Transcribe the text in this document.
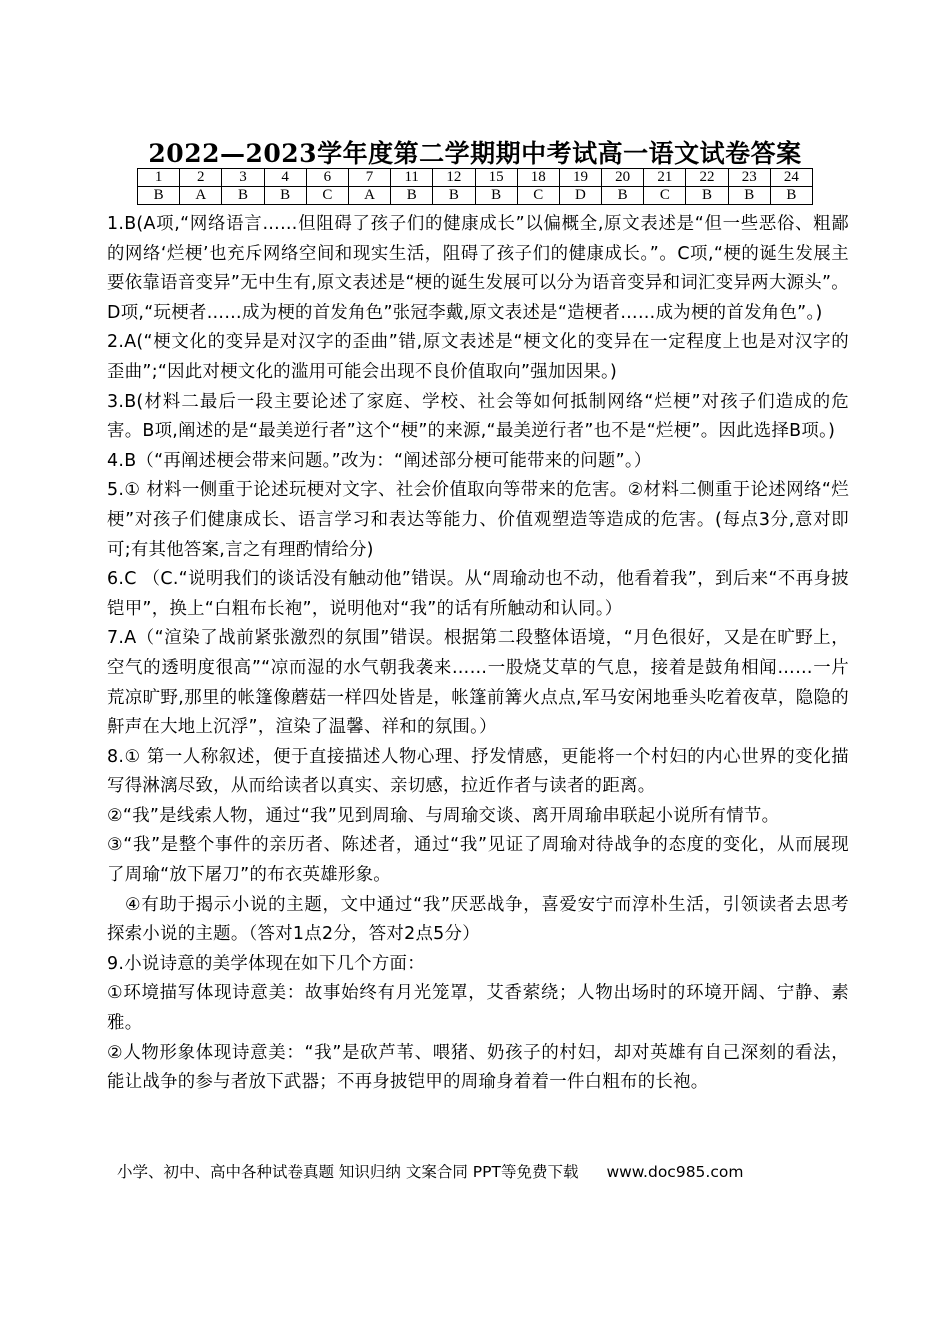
2022—2023学年度第二学期期中考试高一语文试卷答案
1	2	3	4	6	7	11	12	15	18	19	20	21	22	23	24
B	A	B	B	C	A	B	B	B	C	D	B	C	B	B	B

1.B(A项,“网络语言……但阻碍了孩子们的健康成长”以偏概全,原文表述是“但一些恶俗、粗鄙的网络‘烂梗’也充斥网络空间和现实生活，阻碍了孩子们的健康成长。”。C项,“梗的诞生发展主要依靠语音变异”无中生有,原文表述是“梗的诞生发展可以分为语音变异和词汇变异两大源头”。D项,“玩梗者……成为梗的首发角色”张冠李戴,原文表述是“造梗者……成为梗的首发角色”。)

2.A(“梗文化的变异是对汉字的歪曲”错,原文表述是“梗文化的变异在一定程度上也是对汉字的歪曲”;“因此对梗文化的滥用可能会出现不良价值取向”强加因果。)

3.B(材料二最后一段主要论述了家庭、学校、社会等如何抵制网络“烂梗”对孩子们造成的危害。B项,阐述的是“最美逆行者”这个“梗”的来源,“最美逆行者”也不是“烂梗”。因此选择B项。)

4.B（“再阐述梗会带来问题。”改为：“阐述部分梗可能带来的问题”。）

5.① 材料一侧重于论述玩梗对文字、社会价值取向等带来的危害。②材料二侧重于论述网络“烂梗”对孩子们健康成长、语言学习和表达等能力、价值观塑造等造成的危害。(每点3分,意对即可;有其他答案,言之有理酌情给分)

6.C （C.“说明我们的谈话没有触动他”错误。从“周瑜动也不动，他看着我”，到后来“不再身披铠甲”，换上“白粗布长袍”，说明他对“我”的话有所触动和认同。）

7.A（“渲染了战前紧张激烈的氛围”错误。根据第二段整体语境，“月色很好，又是在旷野上，空气的透明度很高”“凉而湿的水气朝我袭来……一股烧艾草的气息，接着是鼓角相闻……一片荒凉旷野,那里的帐篷像蘑菇一样四处皆是，帐篷前篝火点点,军马安闲地垂头吃着夜草，隐隐的鼾声在大地上沉浮”，渲染了温馨、祥和的氛围。）

8.① 第一人称叙述，便于直接描述人物心理、抒发情感，更能将一个村妇的内心世界的变化描写得淋漓尽致，从而给读者以真实、亲切感，拉近作者与读者的距离。

②“我”是线索人物，通过“我”见到周瑜、与周瑜交谈、离开周瑜串联起小说所有情节。

③“我”是整个事件的亲历者、陈述者，通过“我”见证了周瑜对待战争的态度的变化，从而展现了周瑜“放下屠刀”的布衣英雄形象。

④有助于揭示小说的主题，文中通过“我”厌恶战争，喜爱安宁而淳朴生活，引领读者去思考探索小说的主题。（答对1点2分，答对2点5分）

9.小说诗意的美学体现在如下几个方面：

①环境描写体现诗意美：故事始终有月光笼罩，艾香萦绕；人物出场时的环境开阔、宁静、素雅。

②人物形象体现诗意美：“我”是砍芦苇、喂猪、奶孩子的村妇，却对英雄有自己深刻的看法，能让战争的参与者放下武器；不再身披铠甲的周瑜身着着一件白粗布的长袍。

小学、初中、高中各种试卷真题 知识归纳 文案合同 PPT等免费下载 www.doc985.com
